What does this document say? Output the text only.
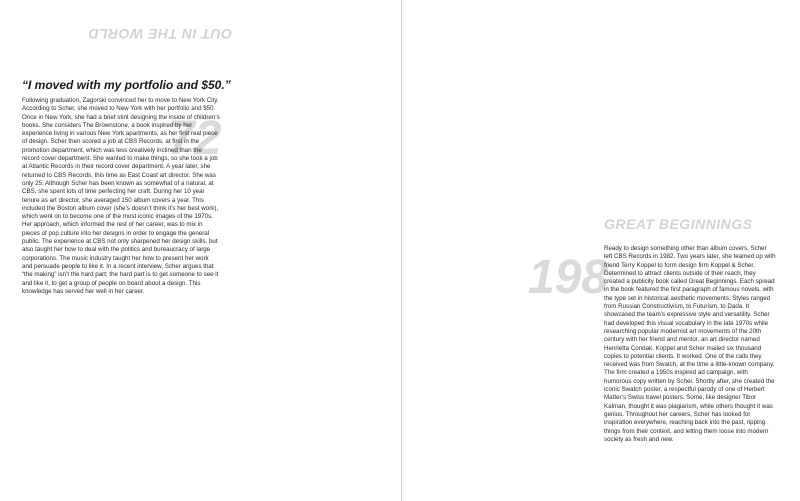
OUT IN THE WORLD
72

“I moved with my portfolio and $50.”

Following graduation, Zagorski convinced her to move to New York City. According to Scher, she moved to New York with her portfolio and $50. Once in New York, she had a brief stint designing the inside of children’s books. She considers The Brownstone, a book inspired by her experience living in various New York apartments, as her first real piece of design. Scher then scored a job at CBS Records, at first in the promotion department, which was less creatively inclined than the record cover department. She wanted to make things, so she took a job at Atlantic Records in their record cover department. A year later, she returned to CBS Records, this time as East Coast art director. She was only 25. Although Scher has been known as somewhat of a natural, at CBS, she spent lots of time perfecting her craft. During her 10 year tenure as art director, she averaged 150 album covers a year. This included the Boston album cover (she’s doesn’t think it’s her best work), which went on to become one of the most iconic images of the 1970s. Her approach, which informed the rest of her career, was to mix in pieces of pop culture into her designs in order to engage the general public. The experience at CBS not only sharpened her design skills, but also taught her how to deal with the politics and bureaucracy of large corporations. The music industry taught her how to present her work and persuade people to like it. In a recent interview, Scher argues that “the making” isn’t the hard part; the hard part is to get someone to see it and like it, to get a group of people on board about a design. This knowledge has served her well in her career.

GREAT BEGINNINGS
198

Ready to design something other than album covers, Scher left CBS Records in 1982. Two years later, she teamed up with friend Terry Koppel to form design firm Koppel & Scher. Determined to attract clients outside of their reach, they created a publicity book called Great Beginnings. Each spread in the book featured the first paragraph of famous novels, with the type set in historical aesthetic movements. Styles ranged from Russian Constructivism, to Futurism, to Dada. It showcased the team’s expressive style and versatility. Scher had developed this visual vocabulary in the late 1970s while researching popular modernist art movements of the 20th century with her friend and mentor, an art director named Henrietta Condak. Koppel and Scher mailed six thousand copies to potential clients. It worked. One of the calls they received was from Swatch, at the time a little-known company. The firm created a 1950s inspired ad campaign, with humorous copy written by Scher. Shortly after, she created the iconic Swatch poster, a respectful parody of one of Herbert Matter’s Swiss travel posters. Some, like designer Tibor Kalman, thought it was plagiarism, while others thought it was genius. Throughout her careers, Scher has looked for inspiration everywhere, reaching back into the past, ripping things from their context, and letting them loose into modern society as fresh and new.
